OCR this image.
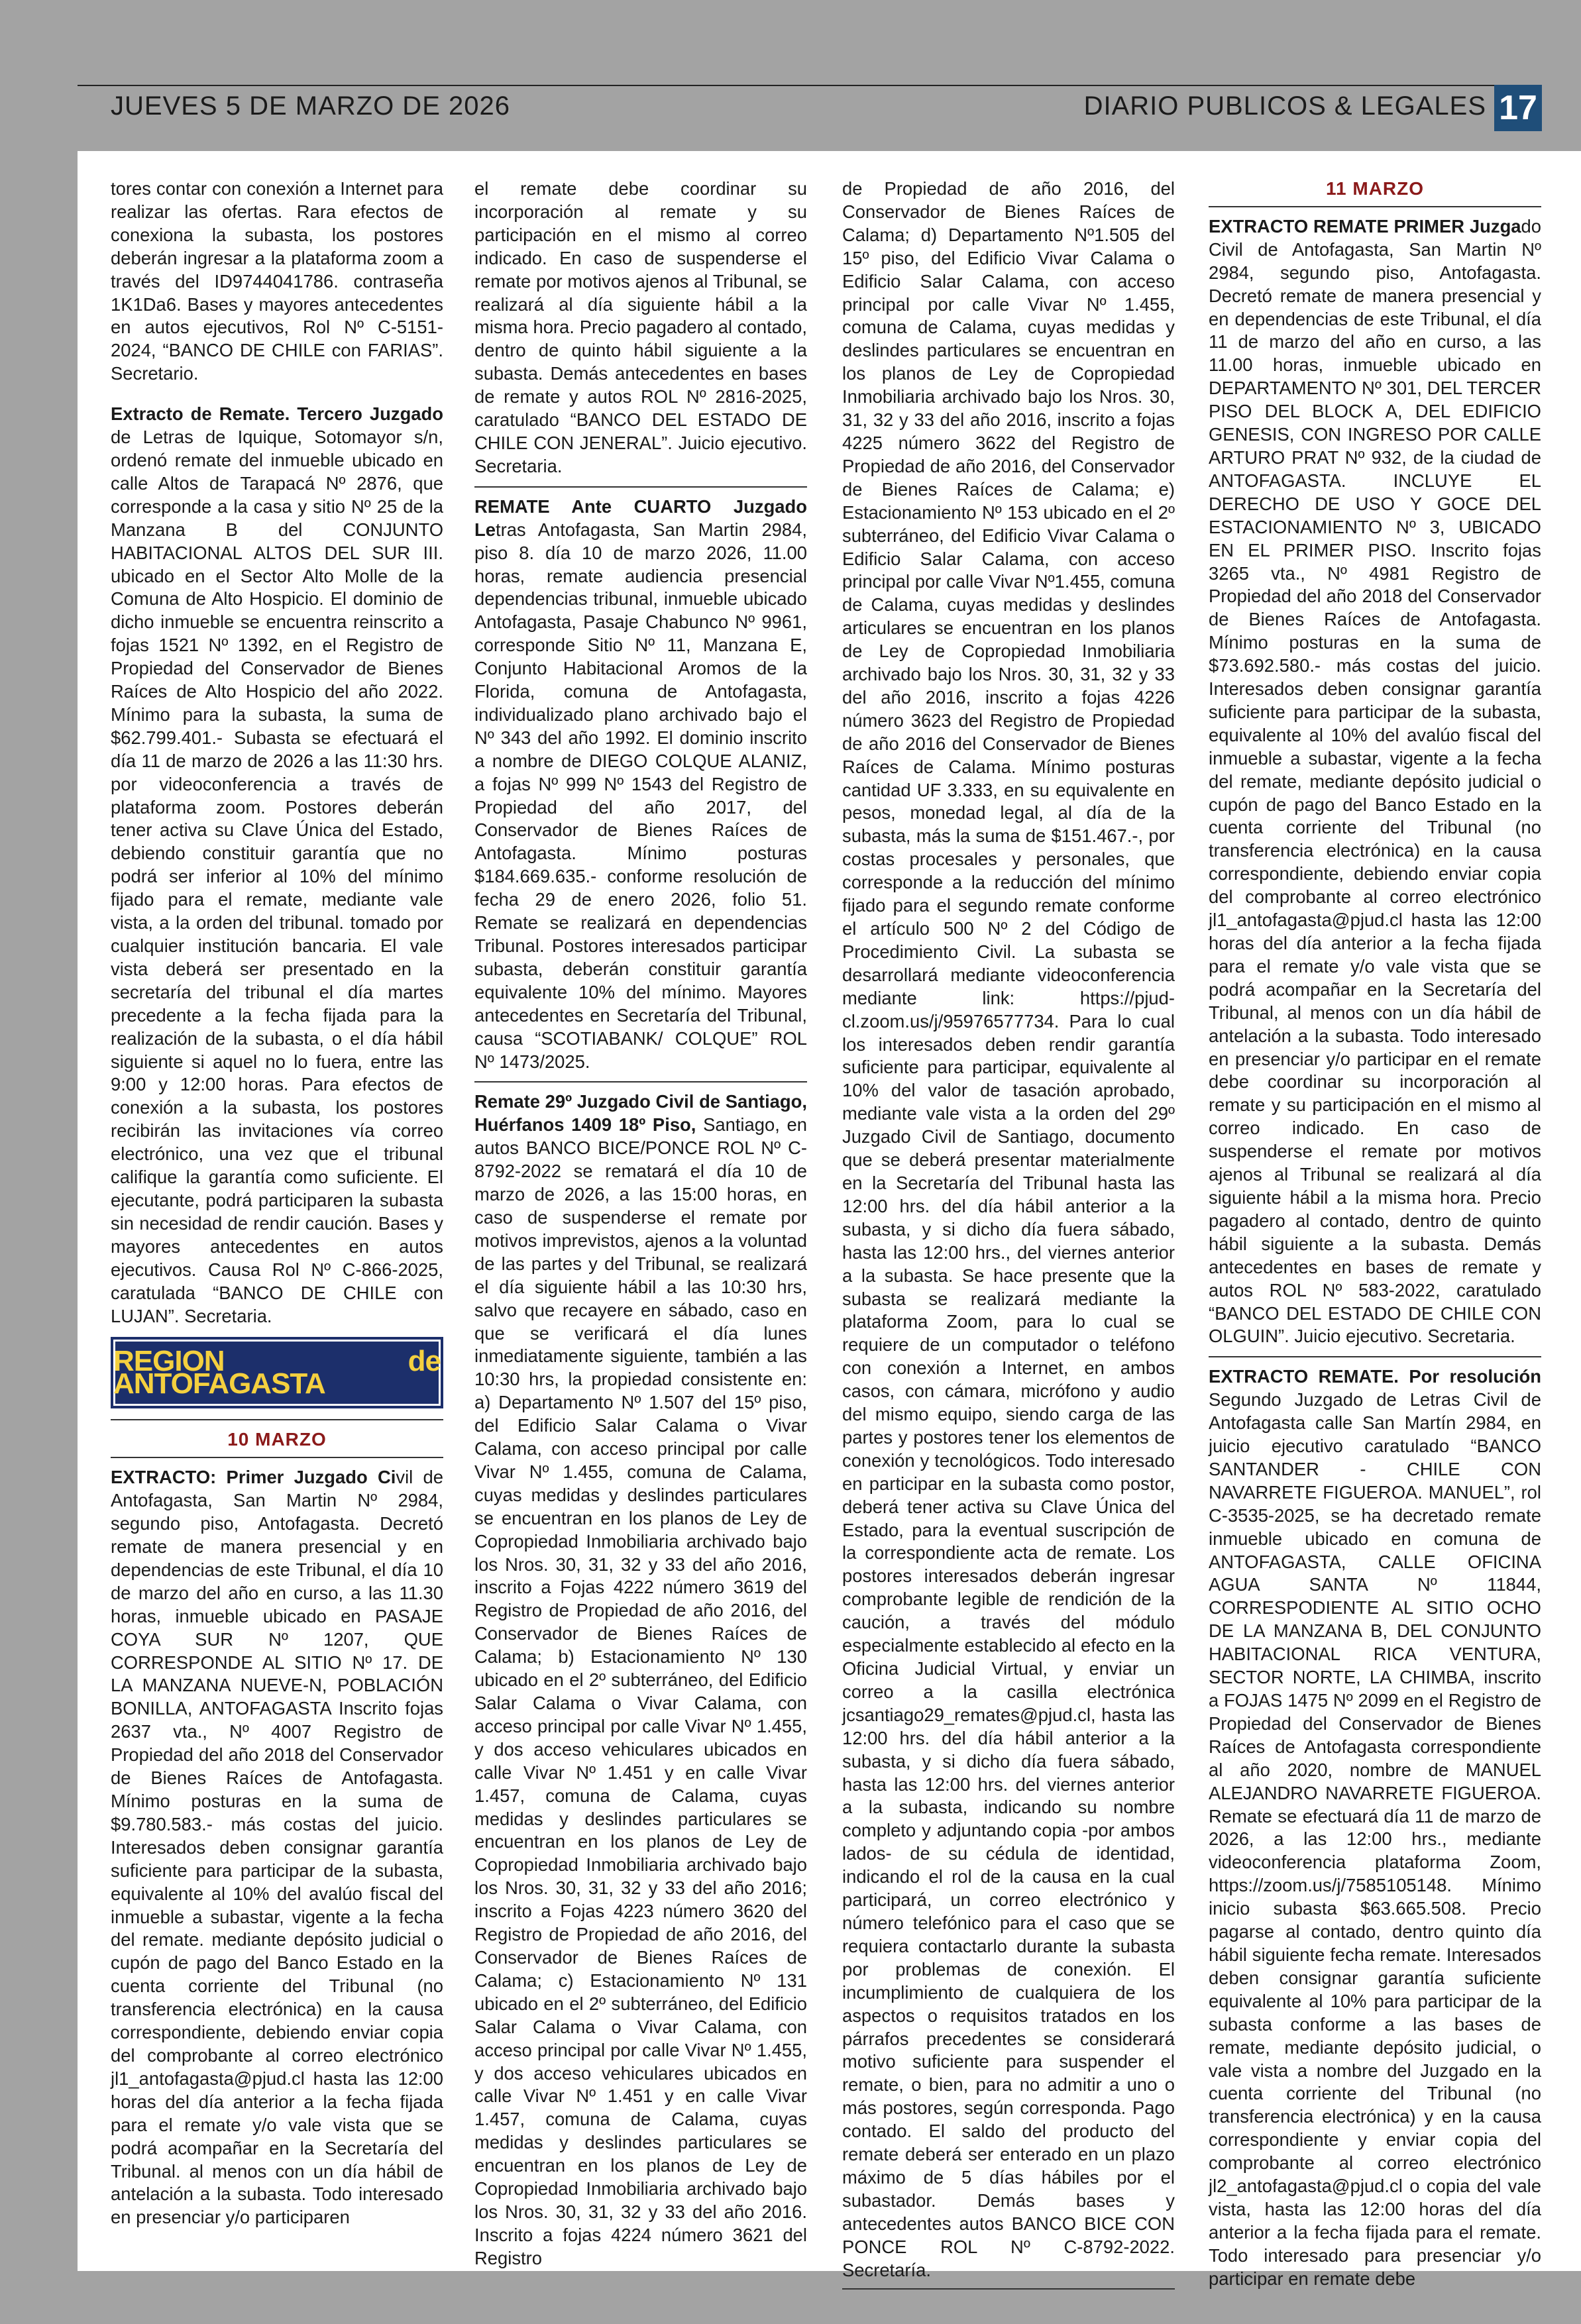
JUEVES 5 DE MARZO DE 2026	DIARIO PUBLICOS & LEGALES 17

tores contar con conexión a Internet para realizar las ofertas. Rara efectos de conexiona la subasta, los postores deberán ingresar a la plataforma zoom a través del ID9744041786. contraseña 1K1Da6. Bases y mayores antecedentes en autos ejecutivos, Rol Nº C-5151-2024, “BANCO DE CHILE con FARIAS”. Secretario.

Extracto de Remate. Tercero Juzgado de Letras de Iquique, Sotomayor s/n, ordenó remate del inmueble ubicado en calle Altos de Tarapacá Nº 2876, que corresponde a la casa y sitio Nº 25 de la Manzana B del CONJUNTO HABITACIONAL ALTOS DEL SUR III. ubicado en el Sector Alto Molle de la Comuna de Alto Hospicio. El dominio de dicho inmueble se encuentra reinscrito a fojas 1521 Nº 1392, en el Registro de Propiedad del Conservador de Bienes Raíces de Alto Hospicio del año 2022. Mínimo para la subasta, la suma de $62.799.401.- Subasta se efectuará el día 11 de marzo de 2026 a las 11:30 hrs. por videoconferencia a través de plataforma zoom. Postores deberán tener activa su Clave Única del Estado, debiendo constituir garantía que no podrá ser inferior al 10% del mínimo fijado para el remate, mediante vale vista, a la orden del tribunal. tomado por cualquier institución bancaria. El vale vista deberá ser presentado en la secretaría del tribunal el día martes precedente a la fecha fijada para la realización de la subasta, o el día hábil siguiente si aquel no lo fuera, entre las 9:00 y 12:00 horas. Para efectos de conexión a la subasta, los postores recibirán las invitaciones vía correo electrónico, una vez que el tribunal califique la garantía como suficiente. El ejecutante, podrá participaren la subasta sin necesidad de rendir caución. Bases y mayores antecedentes en autos ejecutivos. Causa Rol Nº C-866-2025, caratulada “BANCO DE CHILE con LUJAN”. Secretaria.

REGION de ANTOFAGASTA
10 MARZO

EXTRACTO: Primer Juzgado Civil de Antofagasta, San Martin Nº 2984, segundo piso, Antofagasta. Decretó remate de manera presencial y en dependencias de este Tribunal, el día 10 de marzo del año en curso, a las 11.30 horas, inmueble ubicado en PASAJE COYA SUR Nº 1207, QUE CORRESPONDE AL SITIO Nº 17. DE LA MANZANA NUEVE-N, POBLACIÓN BONILLA, ANTOFAGASTA Inscrito fojas 2637 vta., Nº 4007 Registro de Propiedad del año 2018 del Conservador de Bienes Raíces de Antofagasta. Mínimo posturas en la suma de $9.780.583.- más costas del juicio. Interesados deben consignar garantía suficiente para participar de la subasta, equivalente al 10% del avalúo fiscal del inmueble a subastar, vigente a la fecha del remate. mediante depósito judicial o cupón de pago del Banco Estado en la cuenta corriente del Tribunal (no transferencia electrónica) en la causa correspondiente, debiendo enviar copia del comprobante al correo electrónico jl1_antofagasta@pjud.cl hasta las 12:00 horas del día anterior a la fecha fijada para el remate y/o vale vista que se podrá acompañar en la Secretaría del Tribunal. al menos con un día hábil de antelación a la subasta. Todo interesado en presenciar y/o participaren

el remate debe coordinar su incorporación al remate y su participación en el mismo al correo indicado. En caso de suspenderse el remate por motivos ajenos al Tribunal, se realizará al día siguiente hábil a la misma hora. Precio pagadero al contado, dentro de quinto hábil siguiente a la subasta. Demás antecedentes en bases de remate y autos ROL Nº 2816-2025, caratulado “BANCO DEL ESTADO DE CHILE CON JENERAL”. Juicio ejecutivo. Secretaria.

REMATE Ante CUARTO Juzgado Letras Antofagasta, San Martin 2984, piso 8. día 10 de marzo 2026, 11.00 horas, remate audiencia presencial dependencias tribunal, inmueble ubicado Antofagasta, Pasaje Chabunco Nº 9961, corresponde Sitio Nº 11, Manzana E, Conjunto Habitacional Aromos de la Florida, comuna de Antofagasta, individualizado plano archivado bajo el Nº 343 del año 1992. El dominio inscrito a nombre de DIEGO COLQUE ALANIZ, a fojas Nº 999 Nº 1543 del Registro de Propiedad del año 2017, del Conservador de Bienes Raíces de Antofagasta. Mínimo posturas $184.669.635.- conforme resolución de fecha 29 de enero 2026, folio 51. Remate se realizará en dependencias Tribunal. Postores interesados participar subasta, deberán constituir garantía equivalente 10% del mínimo. Mayores antecedentes en Secretaría del Tribunal, causa “SCOTIABANK/ COLQUE” ROL Nº 1473/2025.

Remate 29º Juzgado Civil de Santiago, Huérfanos 1409 18º Piso, Santiago, en autos BANCO BICE/PONCE ROL Nº C-8792-2022 se rematará el día 10 de marzo de 2026, a las 15:00 horas, en caso de suspenderse el remate por motivos imprevistos, ajenos a la voluntad de las partes y del Tribunal, se realizará el día siguiente hábil a las 10:30 hrs, salvo que recayere en sábado, caso en que se verificará el día lunes inmediatamente siguiente, también a las 10:30 hrs, la propiedad consistente en: a) Departamento Nº 1.507 del 15º piso, del Edificio Salar Calama o Vivar Calama, con acceso principal por calle Vivar Nº 1.455, comuna de Calama, cuyas medidas y deslindes particulares se encuentran en los planos de Ley de Copropiedad Inmobiliaria archivado bajo los Nros. 30, 31, 32 y 33 del año 2016, inscrito a Fojas 4222 número 3619 del Registro de Propiedad de año 2016, del Conservador de Bienes Raíces de Calama; b) Estacionamiento Nº 130 ubicado en el 2º subterráneo, del Edificio Salar Calama o Vivar Calama, con acceso principal por calle Vivar Nº 1.455, y dos acceso vehiculares ubicados en calle Vivar Nº 1.451 y en calle Vivar 1.457, comuna de Calama, cuyas medidas y deslindes particulares se encuentran en los planos de Ley de Copropiedad Inmobiliaria archivado bajo los Nros. 30, 31, 32 y 33 del año 2016; inscrito a Fojas 4223 número 3620 del Registro de Propiedad de año 2016, del Conservador de Bienes Raíces de Calama; c) Estacionamiento Nº 131 ubicado en el 2º subterráneo, del Edificio Salar Calama o Vivar Calama, con acceso principal por calle Vivar Nº 1.455, y dos acceso vehiculares ubicados en calle Vivar Nº 1.451 y en calle Vivar 1.457, comuna de Calama, cuyas medidas y deslindes particulares se encuentran en los planos de Ley de Copropiedad Inmobiliaria archivado bajo los Nros. 30, 31, 32 y 33 del año 2016. Inscrito a fojas 4224 número 3621 del Registro

de Propiedad de año 2016, del Conservador de Bienes Raíces de Calama; d) Departamento Nº1.505 del 15º piso, del Edificio Vivar Calama o Edificio Salar Calama, con acceso principal por calle Vivar Nº 1.455, comuna de Calama, cuyas medidas y deslindes particulares se encuentran en los planos de Ley de Copropiedad Inmobiliaria archivado bajo los Nros. 30, 31, 32 y 33 del año 2016, inscrito a fojas 4225 número 3622 del Registro de Propiedad de año 2016, del Conservador de Bienes Raíces de Calama; e) Estacionamiento Nº 153 ubicado en el 2º subterráneo, del Edificio Vivar Calama o Edificio Salar Calama, con acceso principal por calle Vivar Nº1.455, comuna de Calama, cuyas medidas y deslindes articulares se encuentran en los planos de Ley de Copropiedad Inmobiliaria archivado bajo los Nros. 30, 31, 32 y 33 del año 2016, inscrito a fojas 4226 número 3623 del Registro de Propiedad de año 2016 del Conservador de Bienes Raíces de Calama. Mínimo posturas cantidad UF 3.333, en su equivalente en pesos, monedad legal, al día de la subasta, más la suma de $151.467.-, por costas procesales y personales, que corresponde a la reducción del mínimo fijado para el segundo remate conforme el artículo 500 Nº 2 del Código de Procedimiento Civil. La subasta se desarrollará mediante videoconferencia mediante link: https://pjud-cl.zoom.us/j/95976577734. Para lo cual los interesados deben rendir garantía suficiente para participar, equivalente al 10% del valor de tasación aprobado, mediante vale vista a la orden del 29º Juzgado Civil de Santiago, documento que se deberá presentar materialmente en la Secretaría del Tribunal hasta las 12:00 hrs. del día hábil anterior a la subasta, y si dicho día fuera sábado, hasta las 12:00 hrs., del viernes anterior a la subasta. Se hace presente que la subasta se realizará mediante la plataforma Zoom, para lo cual se requiere de un computador o teléfono con conexión a Internet, en ambos casos, con cámara, micrófono y audio del mismo equipo, siendo carga de las partes y postores tener los elementos de conexión y tecnológicos. Todo interesado en participar en la subasta como postor, deberá tener activa su Clave Única del Estado, para la eventual suscripción de la correspondiente acta de remate. Los postores interesados deberán ingresar comprobante legible de rendición de la caución, a través del módulo especialmente establecido al efecto en la Oficina Judicial Virtual, y enviar un correo a la casilla electrónica jcsantiago29_remates@pjud.cl, hasta las 12:00 hrs. del día hábil anterior a la subasta, y si dicho día fuera sábado, hasta las 12:00 hrs. del viernes anterior a la subasta, indicando su nombre completo y adjuntando copia -por ambos lados- de su cédula de identidad, indicando el rol de la causa en la cual participará, un correo electrónico y número telefónico para el caso que se requiera contactarlo durante la subasta por problemas de conexión. El incumplimiento de cualquiera de los aspectos o requisitos tratados en los párrafos precedentes se considerará motivo suficiente para suspender el remate, o bien, para no admitir a uno o más postores, según corresponda. Pago contado. El saldo del producto del remate deberá ser enterado en un plazo máximo de 5 días hábiles por el subastador. Demás bases y antecedentes autos BANCO BICE CON PONCE ROL Nº C-8792-2022. Secretaría.

11 MARZO

EXTRACTO REMATE PRIMER Juzgado Civil de Antofagasta, San Martin Nº 2984, segundo piso, Antofagasta. Decretó remate de manera presencial y en dependencias de este Tribunal, el día 11 de marzo del año en curso, a las 11.00 horas, inmueble ubicado en DEPARTAMENTO Nº 301, DEL TERCER PISO DEL BLOCK A, DEL EDIFICIO GENESIS, CON INGRESO POR CALLE ARTURO PRAT Nº 932, de la ciudad de ANTOFAGASTA. INCLUYE EL DERECHO DE USO Y GOCE DEL ESTACIONAMIENTO Nº 3, UBICADO EN EL PRIMER PISO. Inscrito fojas 3265 vta., Nº 4981 Registro de Propiedad del año 2018 del Conservador de Bienes Raíces de Antofagasta. Mínimo posturas en la suma de $73.692.580.- más costas del juicio. Interesados deben consignar garantía suficiente para participar de la subasta, equivalente al 10% del avalúo fiscal del inmueble a subastar, vigente a la fecha del remate, mediante depósito judicial o cupón de pago del Banco Estado en la cuenta corriente del Tribunal (no transferencia electrónica) en la causa correspondiente, debiendo enviar copia del comprobante al correo electrónico jl1_antofagasta@pjud.cl hasta las 12:00 horas del día anterior a la fecha fijada para el remate y/o vale vista que se podrá acompañar en la Secretaría del Tribunal, al menos con un día hábil de antelación a la subasta. Todo interesado en presenciar y/o participar en el remate debe coordinar su incorporación al remate y su participación en el mismo al correo indicado. En caso de suspenderse el remate por motivos ajenos al Tribunal se realizará al día siguiente hábil a la misma hora. Precio pagadero al contado, dentro de quinto hábil siguiente a la subasta. Demás antecedentes en bases de remate y autos ROL Nº 583-2022, caratulado “BANCO DEL ESTADO DE CHILE CON OLGUIN”. Juicio ejecutivo. Secretaria.

EXTRACTO REMATE. Por resolución Segundo Juzgado de Letras Civil de Antofagasta calle San Martín 2984, en juicio ejecutivo caratulado “BANCO SANTANDER - CHILE CON NAVARRETE FIGUEROA. MANUEL”, rol C-3535-2025, se ha decretado remate inmueble ubicado en comuna de ANTOFAGASTA, CALLE OFICINA AGUA SANTA Nº 11844, CORRESPODIENTE AL SITIO OCHO DE LA MANZANA B, DEL CONJUNTO HABITACIONAL RICA VENTURA, SECTOR NORTE, LA CHIMBA, inscrito a FOJAS 1475 Nº 2099 en el Registro de Propiedad del Conservador de Bienes Raíces de Antofagasta correspondiente al año 2020, nombre de MANUEL ALEJANDRO NAVARRETE FIGUEROA. Remate se efectuará día 11 de marzo de 2026, a las 12:00 hrs., mediante videoconferencia plataforma Zoom, https://zoom.us/j/7585105148. Mínimo inicio subasta $63.665.508. Precio pagarse al contado, dentro quinto día hábil siguiente fecha remate. Interesados deben consignar garantía suficiente equivalente al 10% para participar de la subasta conforme a las bases de remate, mediante depósito judicial, o vale vista a nombre del Juzgado en la cuenta corriente del Tribunal (no transferencia electrónica) y en la causa correspondiente y enviar copia del comprobante al correo electrónico jl2_antofagasta@pjud.cl o copia del vale vista, hasta las 12:00 horas del día anterior a la fecha fijada para el remate. Todo interesado para presenciar y/o participar en remate debe
